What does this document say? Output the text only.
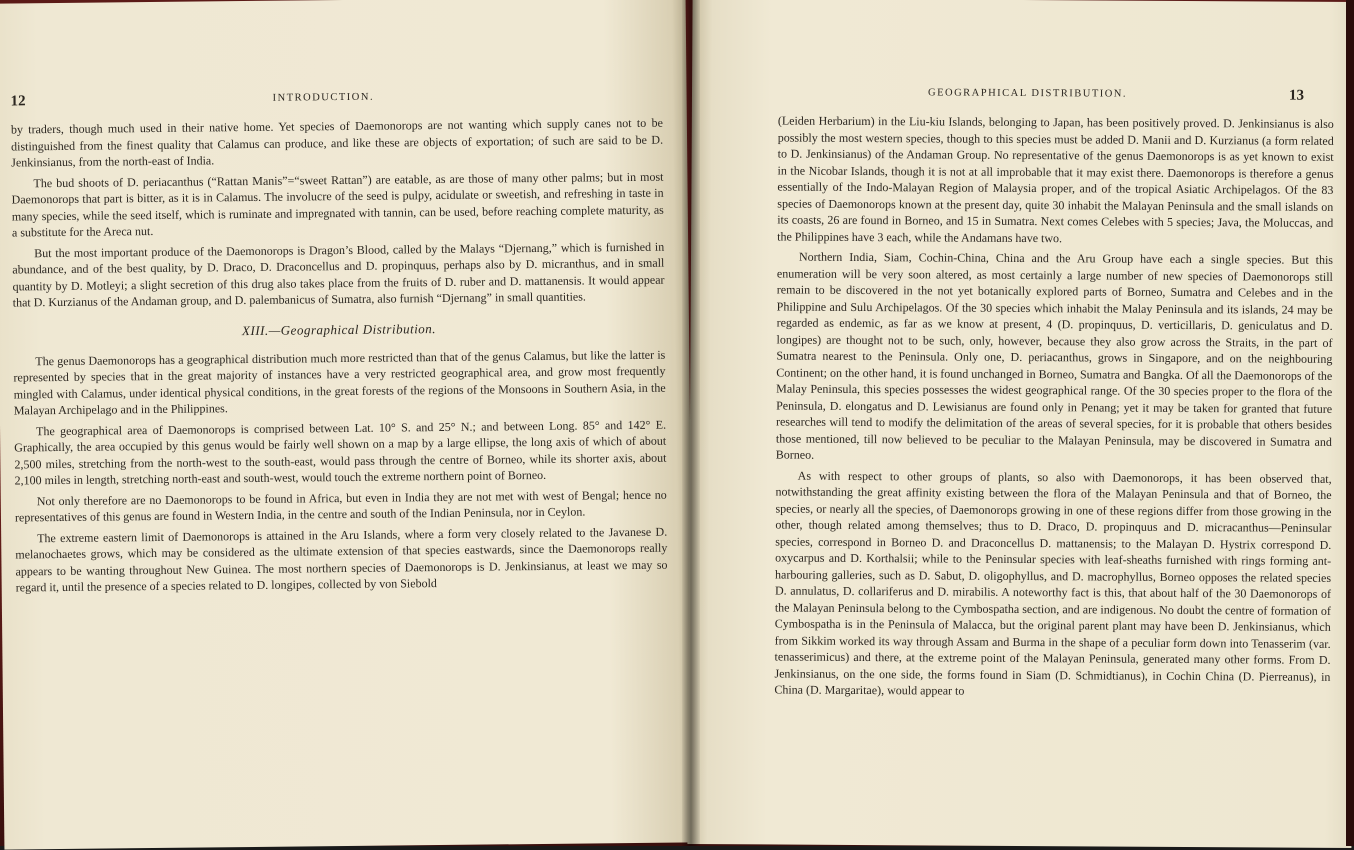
12	INTRODUCTION.

by traders, though much used in their native home. Yet species of Daemonorops are not wanting which supply canes not to be distinguished from the finest quality that Calamus can produce, and like these are objects of exportation; of such are said to be D. Jenkinsianus, from the north-east of India.

The bud shoots of D. periacanthus (“Rattan Manis”=“sweet Rattan”) are eatable, as are those of many other palms; but in most Daemonorops that part is bitter, as it is in Calamus. The involucre of the seed is pulpy, acidulate or sweetish, and refreshing in taste in many species, while the seed itself, which is ruminate and impregnated with tannin, can be used, before reaching complete maturity, as a substitute for the Areca nut.

But the most important produce of the Daemonorops is Dragon’s Blood, called by the Malays “Djernang,” which is furnished in abundance, and of the best quality, by D. Draco, D. Draconcellus and D. propinquus, perhaps also by D. micranthus, and in small quantity by D. Motleyi; a slight secretion of this drug also takes place from the fruits of D. ruber and D. mattanensis. It would appear that D. Kurzianus of the Andaman group, and D. palembanicus of Sumatra, also furnish “Djernang” in small quantities.

XIII.—Geographical Distribution.

The genus Daemonorops has a geographical distribution much more restricted than that of the genus Calamus, but like the latter is represented by species that in the great majority of instances have a very restricted geographical area, and grow most frequently mingled with Calamus, under identical physical conditions, in the great forests of the regions of the Monsoons in Southern Asia, in the Malayan Archipelago and in the Philippines.

The geographical area of Daemonorops is comprised between Lat. 10° S. and 25° N.; and between Long. 85° and 142° E. Graphically, the area occupied by this genus would be fairly well shown on a map by a large ellipse, the long axis of which of about 2,500 miles, stretching from the north-west to the south-east, would pass through the centre of Borneo, while its shorter axis, about 2,100 miles in length, stretching north-east and south-west, would touch the extreme northern point of Borneo.

Not only therefore are no Daemonorops to be found in Africa, but even in India they are not met with west of Bengal; hence no representatives of this genus are found in Western India, in the centre and south of the Indian Peninsula, nor in Ceylon.

The extreme eastern limit of Daemonorops is attained in the Aru Islands, where a form very closely related to the Javanese D. melanochaetes grows, which may be considered as the ultimate extension of that species eastwards, since the Daemonorops really appears to be wanting throughout New Guinea. The most northern species of Daemonorops is D. Jenkinsianus, at least we may so regard it, until the presence of a species related to D. longipes, collected by von Siebold

GEOGRAPHICAL DISTRIBUTION.	13

(Leiden Herbarium) in the Liu-kiu Islands, belonging to Japan, has been positively proved. D. Jenkinsianus is also possibly the most western species, though to this species must be added D. Manii and D. Kurzianus (a form related to D. Jenkinsianus) of the Andaman Group. No representative of the genus Daemonorops is as yet known to exist in the Nicobar Islands, though it is not at all improbable that it may exist there. Daemonorops is therefore a genus essentially of the Indo-Malayan Region of Malaysia proper, and of the tropical Asiatic Archipelagos. Of the 83 species of Daemonorops known at the present day, quite 30 inhabit the Malayan Peninsula and the small islands on its coasts, 26 are found in Borneo, and 15 in Sumatra. Next comes Celebes with 5 species; Java, the Moluccas, and the Philippines have 3 each, while the Andamans have two.

Northern India, Siam, Cochin-China, China and the Aru Group have each a single species. But this enumeration will be very soon altered, as most certainly a large number of new species of Daemonorops still remain to be discovered in the not yet botanically explored parts of Borneo, Sumatra and Celebes and in the Philippine and Sulu Archipelagos. Of the 30 species which inhabit the Malay Peninsula and its islands, 24 may be regarded as endemic, as far as we know at present, 4 (D. propinquus, D. verticillaris, D. geniculatus and D. longipes) are thought not to be such, only, however, because they also grow across the Straits, in the part of Sumatra nearest to the Peninsula. Only one, D. periacanthus, grows in Singapore, and on the neighbouring Continent; on the other hand, it is found unchanged in Borneo, Sumatra and Bangka. Of all the Daemonorops of the Malay Peninsula, this species possesses the widest geographical range. Of the 30 species proper to the flora of the Peninsula, D. elongatus and D. Lewisianus are found only in Penang; yet it may be taken for granted that future researches will tend to modify the delimitation of the areas of several species, for it is probable that others besides those mentioned, till now believed to be peculiar to the Malayan Peninsula, may be discovered in Sumatra and Borneo.

As with respect to other groups of plants, so also with Daemonorops, it has been observed that, notwithstanding the great affinity existing between the flora of the Malayan Peninsula and that of Borneo, the species, or nearly all the species, of Daemonorops growing in one of these regions differ from those growing in the other, though related among themselves; thus to D. Draco, D. propinquus and D. micracanthus—Peninsular species, correspond in Borneo D. and Draconcellus D. mattanensis; to the Malayan D. Hystrix correspond D. oxycarpus and D. Korthalsii; while to the Peninsular species with leaf-sheaths furnished with rings forming ant-harbouring galleries, such as D. Sabut, D. oligophyllus, and D. macrophyllus, Borneo opposes the related species D. annulatus, D. collariferus and D. mirabilis. A noteworthy fact is this, that about half of the 30 Daemonorops of the Malayan Peninsula belong to the Cymbospatha section, and are indigenous. No doubt the centre of formation of Cymbospatha is in the Peninsula of Malacca, but the original parent plant may have been D. Jenkinsianus, which from Sikkim worked its way through Assam and Burma in the shape of a peculiar form down into Tenasserim (var. tenasserimicus) and there, at the extreme point of the Malayan Peninsula, generated many other forms. From D. Jenkinsianus, on the one side, the forms found in Siam (D. Schmidtianus), in Cochin China (D. Pierreanus), in China (D. Margaritae), would appear to
